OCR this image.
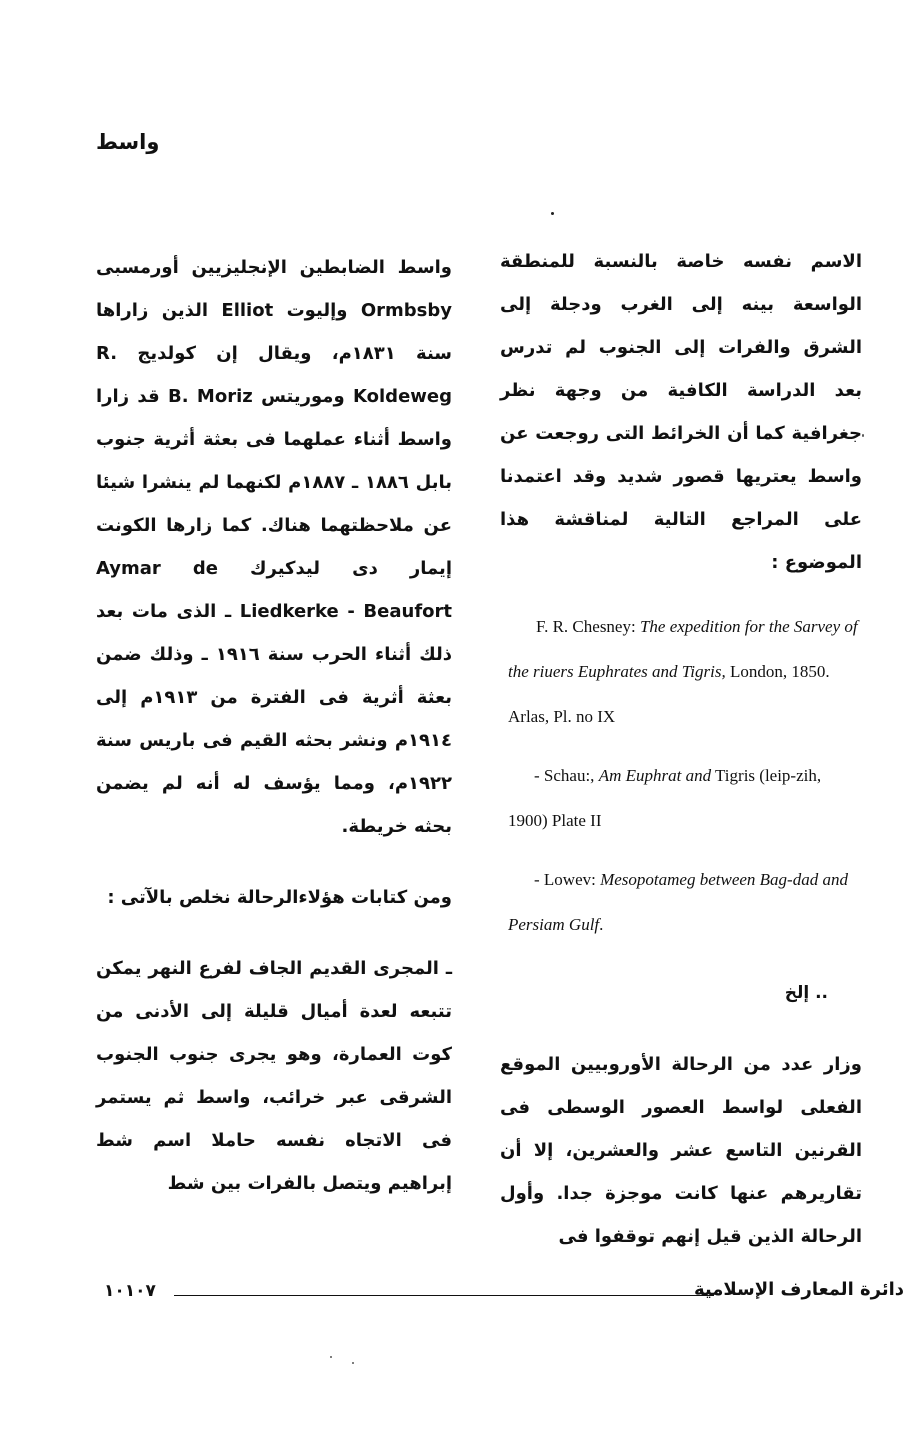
واسط

الاسم نفسه خاصة بالنسبة للمنطقة الواسعة بينه إلى الغرب ودجلة إلى الشرق والفرات إلى الجنوب لم تدرس بعد الدراسة الكافية من وجهة نظر جغرافية كما أن الخرائط التى روجعت عن واسط يعتريها قصور شديد وقد اعتمدنا على المراجع التالية لمناقشة هذا الموضوع :

F. R. Chesney: The expedition for the Sarvey of the riuers Euphrates and Tigris, London, 1850. Arlas, Pl. no IX

- Schau:, Am Euphrat and Tigris (leip-zih, 1900) Plate II

- Lowev: Mesopotameg between Bag-dad and Persiam Gulf.

.. إلخ

وزار عدد من الرحالة الأوروبيين الموقع الفعلى لواسط العصور الوسطى فى القرنين التاسع عشر والعشرين، إلا أن تقاريرهم عنها كانت موجزة جدا. وأول الرحالة الذين قيل إنهم توقفوا فى

واسط الضابطين الإنجليزيين أورمسبى Ormbsby وإليوت Elliot الذين زاراها سنة ١٨٣١م، ويقال إن كولديج R. Koldeweg وموريتس B. Moriz قد زارا واسط أثناء عملهما فى بعثة أثرية جنوب بابل ١٨٨٦ ـ ١٨٨٧م لكنهما لم ينشرا شيئا عن ملاحظتهما هناك. كما زارها الكونت إيمار دى ليدكيرك Aymar de Liedkerke - Beaufort ـ الذى مات بعد ذلك أثناء الحرب سنة ١٩١٦ ـ وذلك ضمن بعثة أثرية فى الفترة من ١٩١٣م إلى ١٩١٤م ونشر بحثه القيم فى باريس سنة ١٩٢٢م، ومما يؤسف له أنه لم يضمن بحثه خريطة.

ومن كتابات هؤلاءالرحالة نخلص بالآتى :

ـ المجرى القديم الجاف لفرع النهر يمكن تتبعه لعدة أميال قليلة إلى الأدنى من كوت العمارة، وهو يجرى جنوب الجنوب الشرقى عبر خرائب، واسط ثم يستمر فى الاتجاه نفسه حاملا اسم شط إبراهيم ويتصل بالفرات بين شط

دائرة المعارف الإسلامية
١٠١٠٧
